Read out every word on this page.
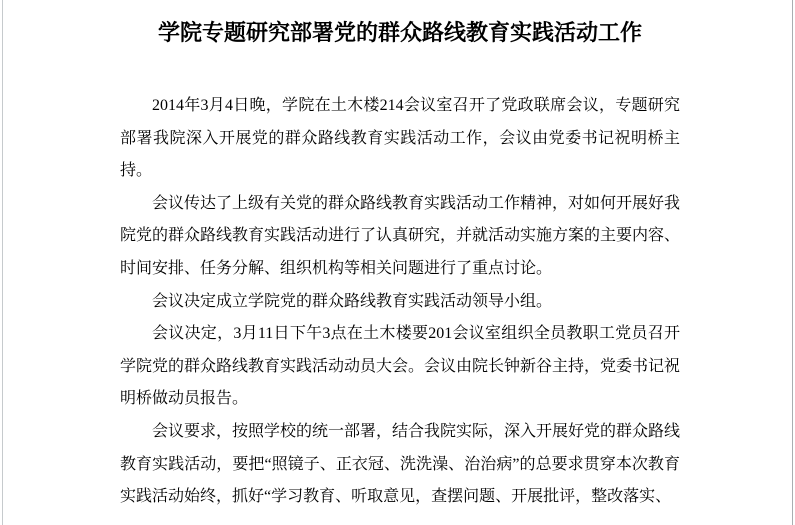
学院专题研究部署党的群众路线教育实践活动工作

2014年3月4日晚，学院在土木楼214会议室召开了党政联席会议，专题研究部署我院深入开展党的群众路线教育实践活动工作，会议由党委书记祝明桥主持。

会议传达了上级有关党的群众路线教育实践活动工作精神，对如何开展好我院党的群众路线教育实践活动进行了认真研究，并就活动实施方案的主要内容、时间安排、任务分解、组织机构等相关问题进行了重点讨论。

会议决定成立学院党的群众路线教育实践活动领导小组。

会议决定，3月11日下午3点在土木楼要201会议室组织全员教职工党员召开学院党的群众路线教育实践活动动员大会。会议由院长钟新谷主持，党委书记祝明桥做动员报告。

会议要求，按照学校的统一部署，结合我院实际，深入开展好党的群众路线教育实践活动，要把“照镜子、正衣冠、洗洗澡、治治病”的总要求贯穿本次教育实践活动始终，抓好“学习教育、听取意见，查摆问题、开展批评，整改落实、
